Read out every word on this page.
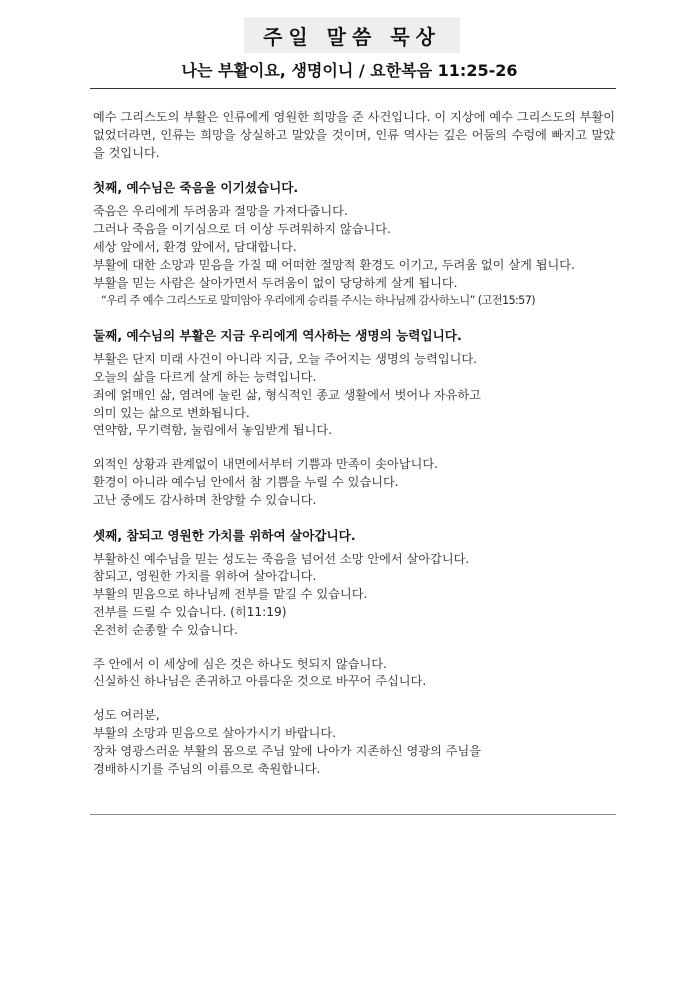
주일 말씀 묵상
나는 부활이요, 생명이니 / 요한복음 11:25-26
예수 그리스도의 부활은 인류에게 영원한 희망을 준 사건입니다. 이 지상에 예수 그리스도의 부활이 없었더라면, 인류는 희망을 상실하고 말았을 것이며, 인류 역사는 깊은 어둠의 수렁에 빠지고 말았을 것입니다.
첫째, 예수님은 죽음을 이기셨습니다.
죽음은 우리에게 두려움과 절망을 가져다줍니다.
그러나 죽음을 이기심으로 더 이상 두려워하지 않습니다.
세상 앞에서, 환경 앞에서, 담대합니다.
부활에 대한 소망과 믿음을 가질 때 어떠한 절망적 환경도 이기고, 두려움 없이 살게 됩니다.
부활을 믿는 사람은 살아가면서 두려움이 없이 당당하게 살게 됩니다.
“우리 주 예수 그리스도로 말미암아 우리에게 승리를 주시는 하나님께 감사하노니” (고전15:57)
둘째, 예수님의 부활은 지금 우리에게 역사하는 생명의 능력입니다.
부활은 단지 미래 사건이 아니라 지금, 오늘 주어지는 생명의 능력입니다.
오늘의 삶을 다르게 살게 하는 능력입니다.
죄에 얽매인 삶, 염려에 눌린 삶, 형식적인 종교 생활에서 벗어나 자유하고
의미 있는 삶으로 변화됩니다.
연약함, 무기력함, 눌림에서 놓임받게 됩니다.
외적인 상황과 관계없이 내면에서부터 기쁨과 만족이 솟아납니다.
환경이 아니라 예수님 안에서 참 기쁨을 누릴 수 있습니다.
고난 중에도 감사하며 찬양할 수 있습니다.
셋째, 참되고 영원한 가치를 위하여 살아갑니다.
부활하신 예수님을 믿는 성도는 죽음을 넘어선 소망 안에서 살아갑니다.
참되고, 영원한 가치를 위하여 살아갑니다.
부활의 믿음으로 하나님께 전부를 맡길 수 있습니다.
전부를 드릴 수 있습니다. (히11:19)
온전히 순종할 수 있습니다.
주 안에서 이 세상에 심은 것은 하나도 헛되지 않습니다.
신실하신 하나님은 존귀하고 아름다운 것으로 바꾸어 주십니다.
성도 여러분,
부활의 소망과 믿음으로 살아가시기 바랍니다.
장차 영광스러운 부활의 몸으로 주님 앞에 나아가 지존하신 영광의 주님을
경배하시기를 주님의 이름으로 축원합니다.
